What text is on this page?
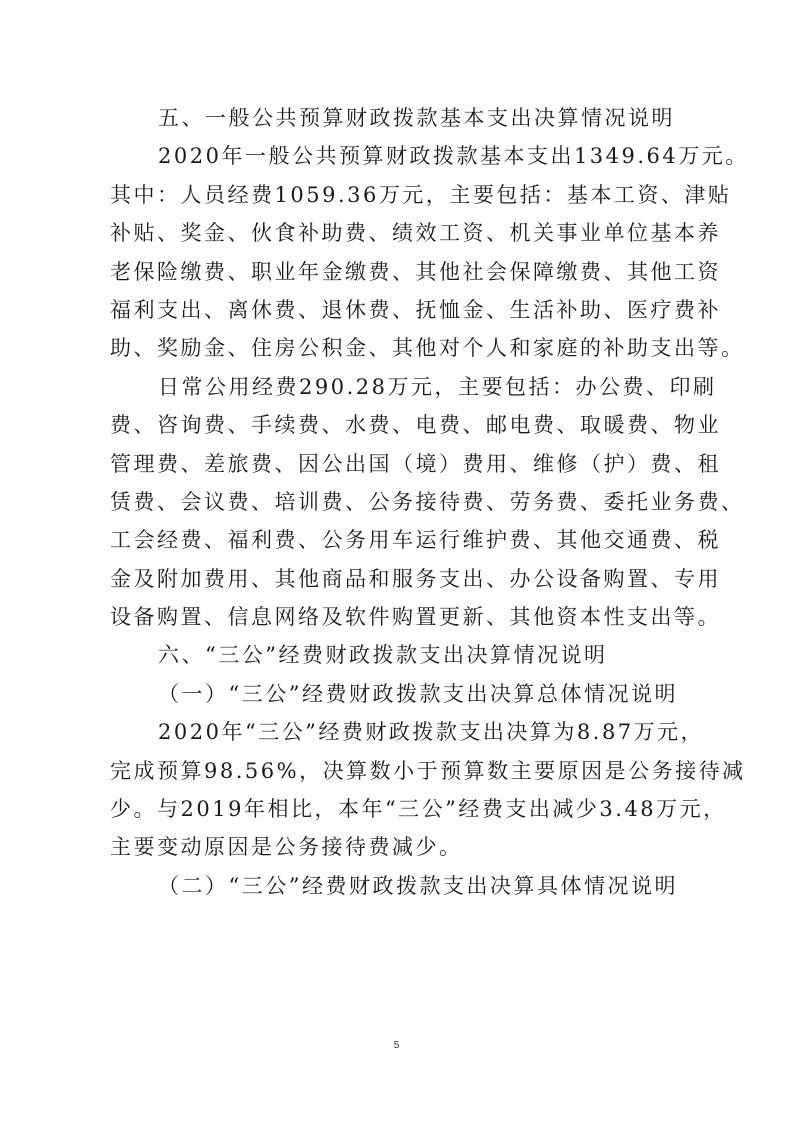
五、一般公共预算财政拨款基本支出决算情况说明
2020年一般公共预算财政拨款基本支出1349.64万元。
其中：人员经费1059.36万元，主要包括：基本工资、津贴
补贴、奖金、伙食补助费、绩效工资、机关事业单位基本养
老保险缴费、职业年金缴费、其他社会保障缴费、其他工资
福利支出、离休费、退休费、抚恤金、生活补助、医疗费补
助、奖励金、住房公积金、其他对个人和家庭的补助支出等。
日常公用经费290.28万元，主要包括：办公费、印刷
费、咨询费、手续费、水费、电费、邮电费、取暖费、物业
管理费、差旅费、因公出国（境）费用、维修（护）费、租
赁费、会议费、培训费、公务接待费、劳务费、委托业务费、
工会经费、福利费、公务用车运行维护费、其他交通费、税
金及附加费用、其他商品和服务支出、办公设备购置、专用
设备购置、信息网络及软件购置更新、其他资本性支出等。
六、“三公”经费财政拨款支出决算情况说明
（一）“三公”经费财政拨款支出决算总体情况说明
2020年“三公”经费财政拨款支出决算为8.87万元，
完成预算98.56%，决算数小于预算数主要原因是公务接待减
少。与2019年相比，本年“三公”经费支出减少3.48万元，
主要变动原因是公务接待费减少。
（二）“三公”经费财政拨款支出决算具体情况说明
5
